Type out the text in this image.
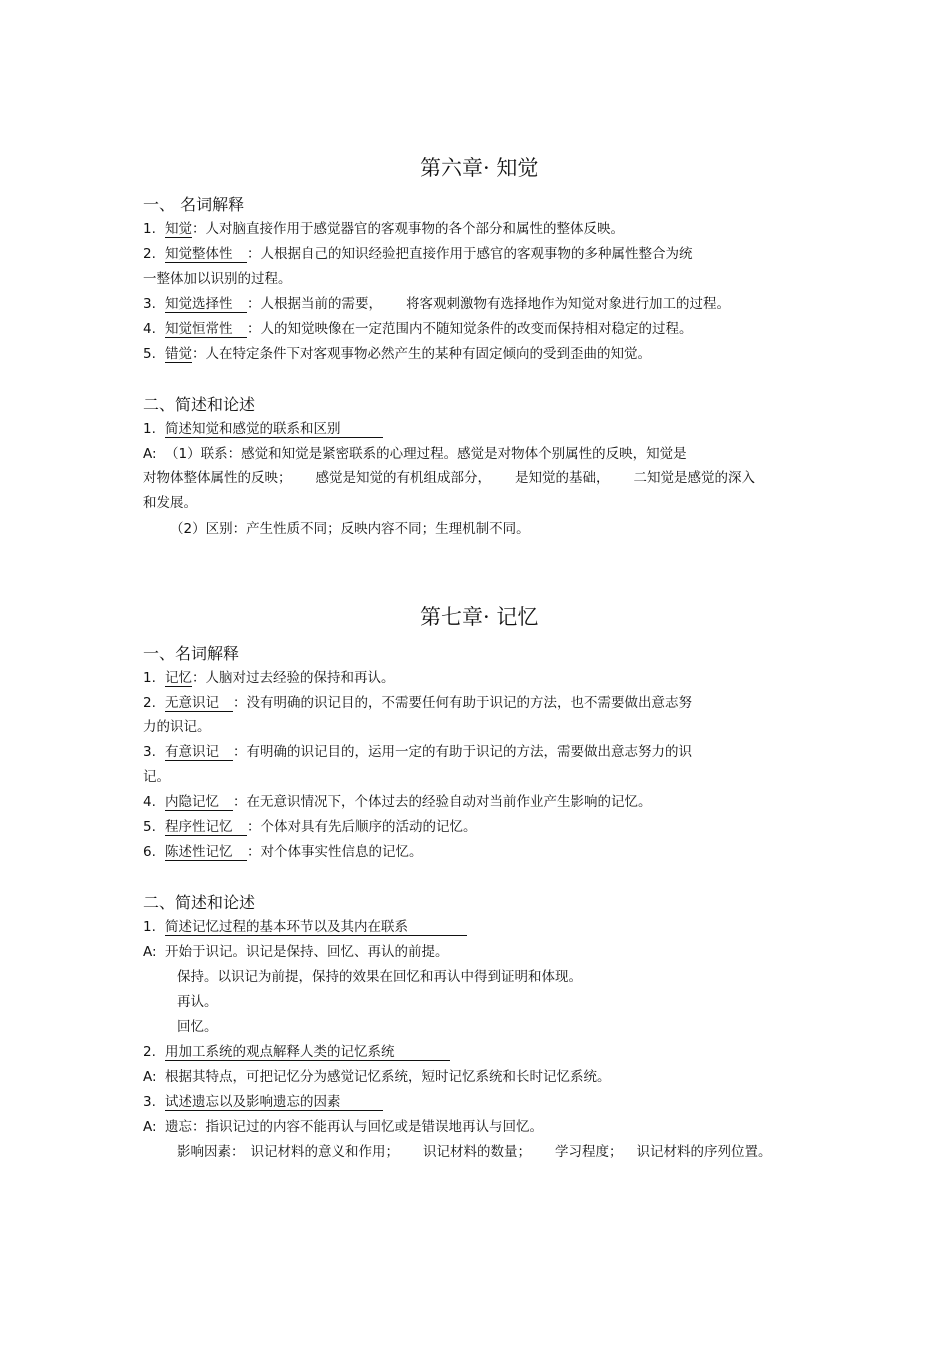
第六章· 知觉
一、 名词解释
1. 知觉：人对脑直接作用于感觉器官的客观事物的各个部分和属性的整体反映。
2. 知觉整体性 ：人根据自己的知识经验把直接作用于感官的客观事物的多种属性整合为统
一整体加以识别的过程。
3. 知觉选择性 ：人根据当前的需要， 将客观刺激物有选择地作为知觉对象进行加工的过程。
4. 知觉恒常性 ：人的知觉映像在一定范围内不随知觉条件的改变而保持相对稳定的过程。
5. 错觉：人在特定条件下对客观事物必然产生的某种有固定倾向的受到歪曲的知觉。
二、简述和论述
1. 简述知觉和感觉的联系和区别
A: （1）联系：感觉和知觉是紧密联系的心理过程。感觉是对物体个别属性的反映，知觉是
对物体整体属性的反映； 感觉是知觉的有机组成部分， 是知觉的基础， 二知觉是感觉的深入
和发展。
（2）区别：产生性质不同；反映内容不同；生理机制不同。
第七章· 记忆
一、名词解释
1. 记忆：人脑对过去经验的保持和再认。
2. 无意识记 ：没有明确的识记目的，不需要任何有助于识记的方法，也不需要做出意志努
力的识记。
3. 有意识记 ：有明确的识记目的，运用一定的有助于识记的方法，需要做出意志努力的识
记。
4. 内隐记忆 ：在无意识情况下，个体过去的经验自动对当前作业产生影响的记忆。
5. 程序性记忆 ：个体对具有先后顺序的活动的记忆。
6. 陈述性记忆 ：对个体事实性信息的记忆。
二、简述和论述
1. 简述记忆过程的基本环节以及其内在联系
A: 开始于识记。识记是保持、回忆、再认的前提。
保持。以识记为前提，保持的效果在回忆和再认中得到证明和体现。
再认。
回忆。
2. 用加工系统的观点解释人类的记忆系统
A: 根据其特点，可把记忆分为感觉记忆系统，短时记忆系统和长时记忆系统。
3. 试述遗忘以及影响遗忘的因素
A: 遗忘：指识记过的内容不能再认与回忆或是错误地再认与回忆。
影响因素： 识记材料的意义和作用； 识记材料的数量； 学习程度； 识记材料的序列位置。
